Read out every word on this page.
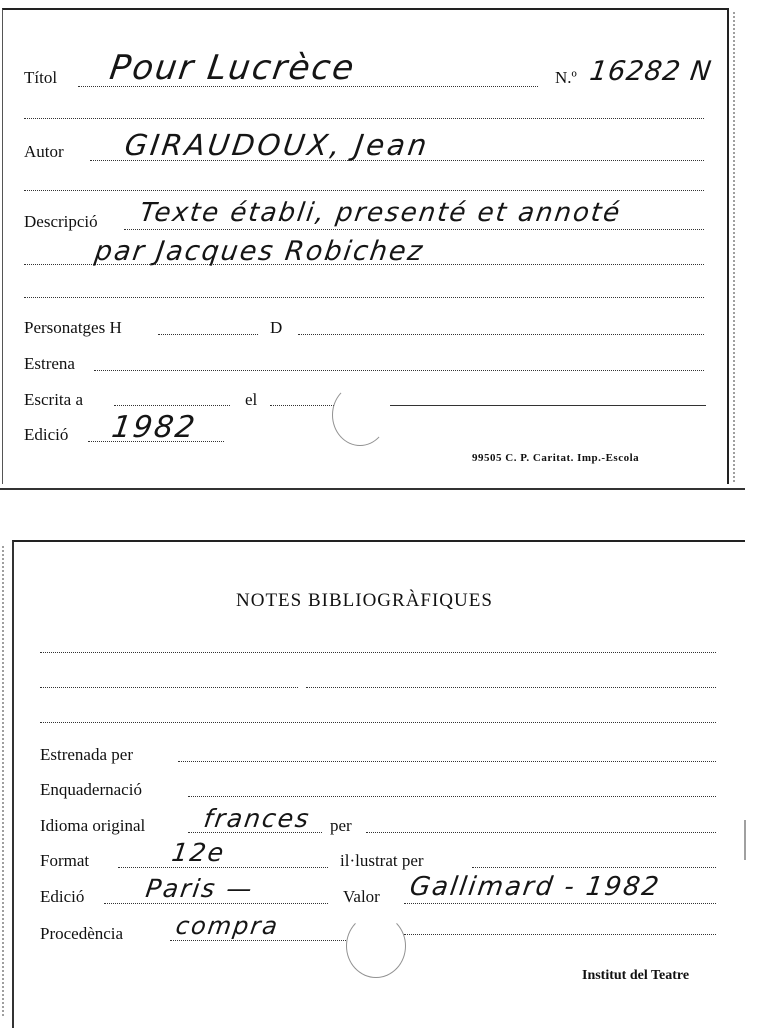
Títol Pour Lucrèce	N.º 16282 N
Autor GIRAUDOUX, Jean
Descripció Texte établi, presenté et annoté
par Jacques Robichez
Personatges H	D
Estrena
Escrita a	el
Edició 1982
99505 C. P. Caritat. Imp.-Escola
NOTES BIBLIOGRÀFIQUES
Estrenada per
Enquadernació
Idioma original frances per
Format	12e	il·lustrat per
Edició Paris —	Valor Gallimard - 1982
Procedència compra
Institut del Teatre
